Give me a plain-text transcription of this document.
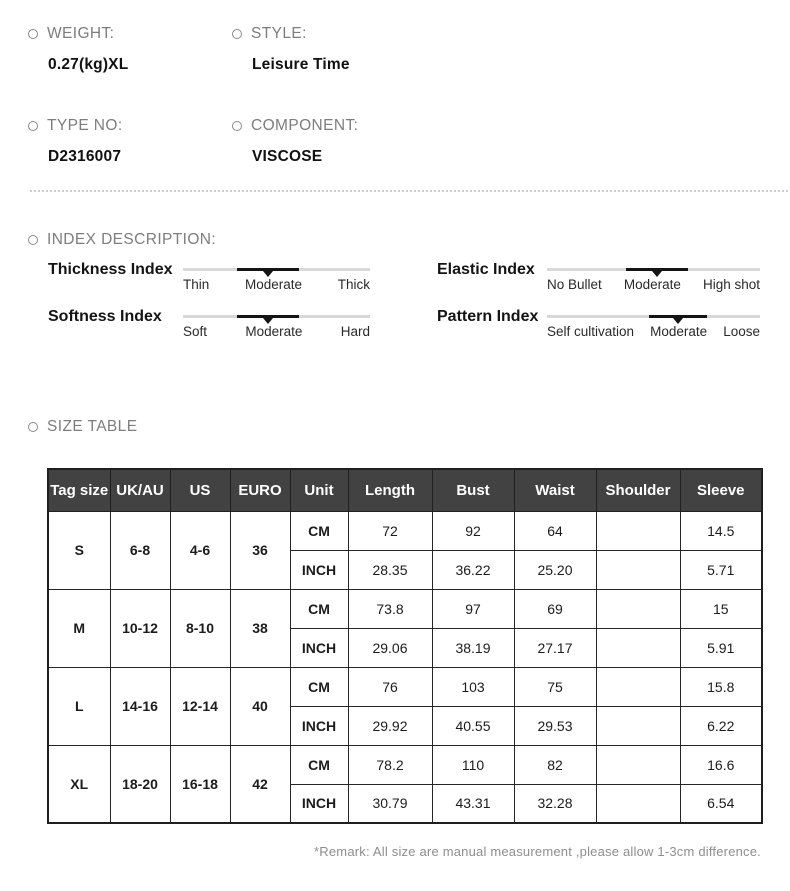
WEIGHT:
0.27(kg)XL
STYLE:
Leisure Time
TYPE NO:
D2316007
COMPONENT:
VISCOSE
INDEX DESCRIPTION:
Thickness Index
Thin	Moderate	Thick
Softness Index
Soft	Moderate	Hard
Elastic Index
No Bullet Moderate High shot
Pattern Index
Self cultivation Moderate Loose
SIZE TABLE
Tag size	UK/AU	US	EURO	Unit	Length	Bust	Waist	Shoulder	Sleeve
S	6-8	4-6	36	CM	72	92	64		14.5
				INCH	28.35	36.22	25.20		5.71
M	10-12	8-10	38	CM	73.8	97	69		15
				INCH	29.06	38.19	27.17		5.91
L	14-16	12-14	40	CM	76	103	75		15.8
				INCH	29.92	40.55	29.53		6.22
XL	18-20	16-18	42	CM	78.2	110	82		16.6
				INCH	30.79	43.31	32.28		6.54
*Remark: All size are manual measurement ,please allow 1-3cm difference.
